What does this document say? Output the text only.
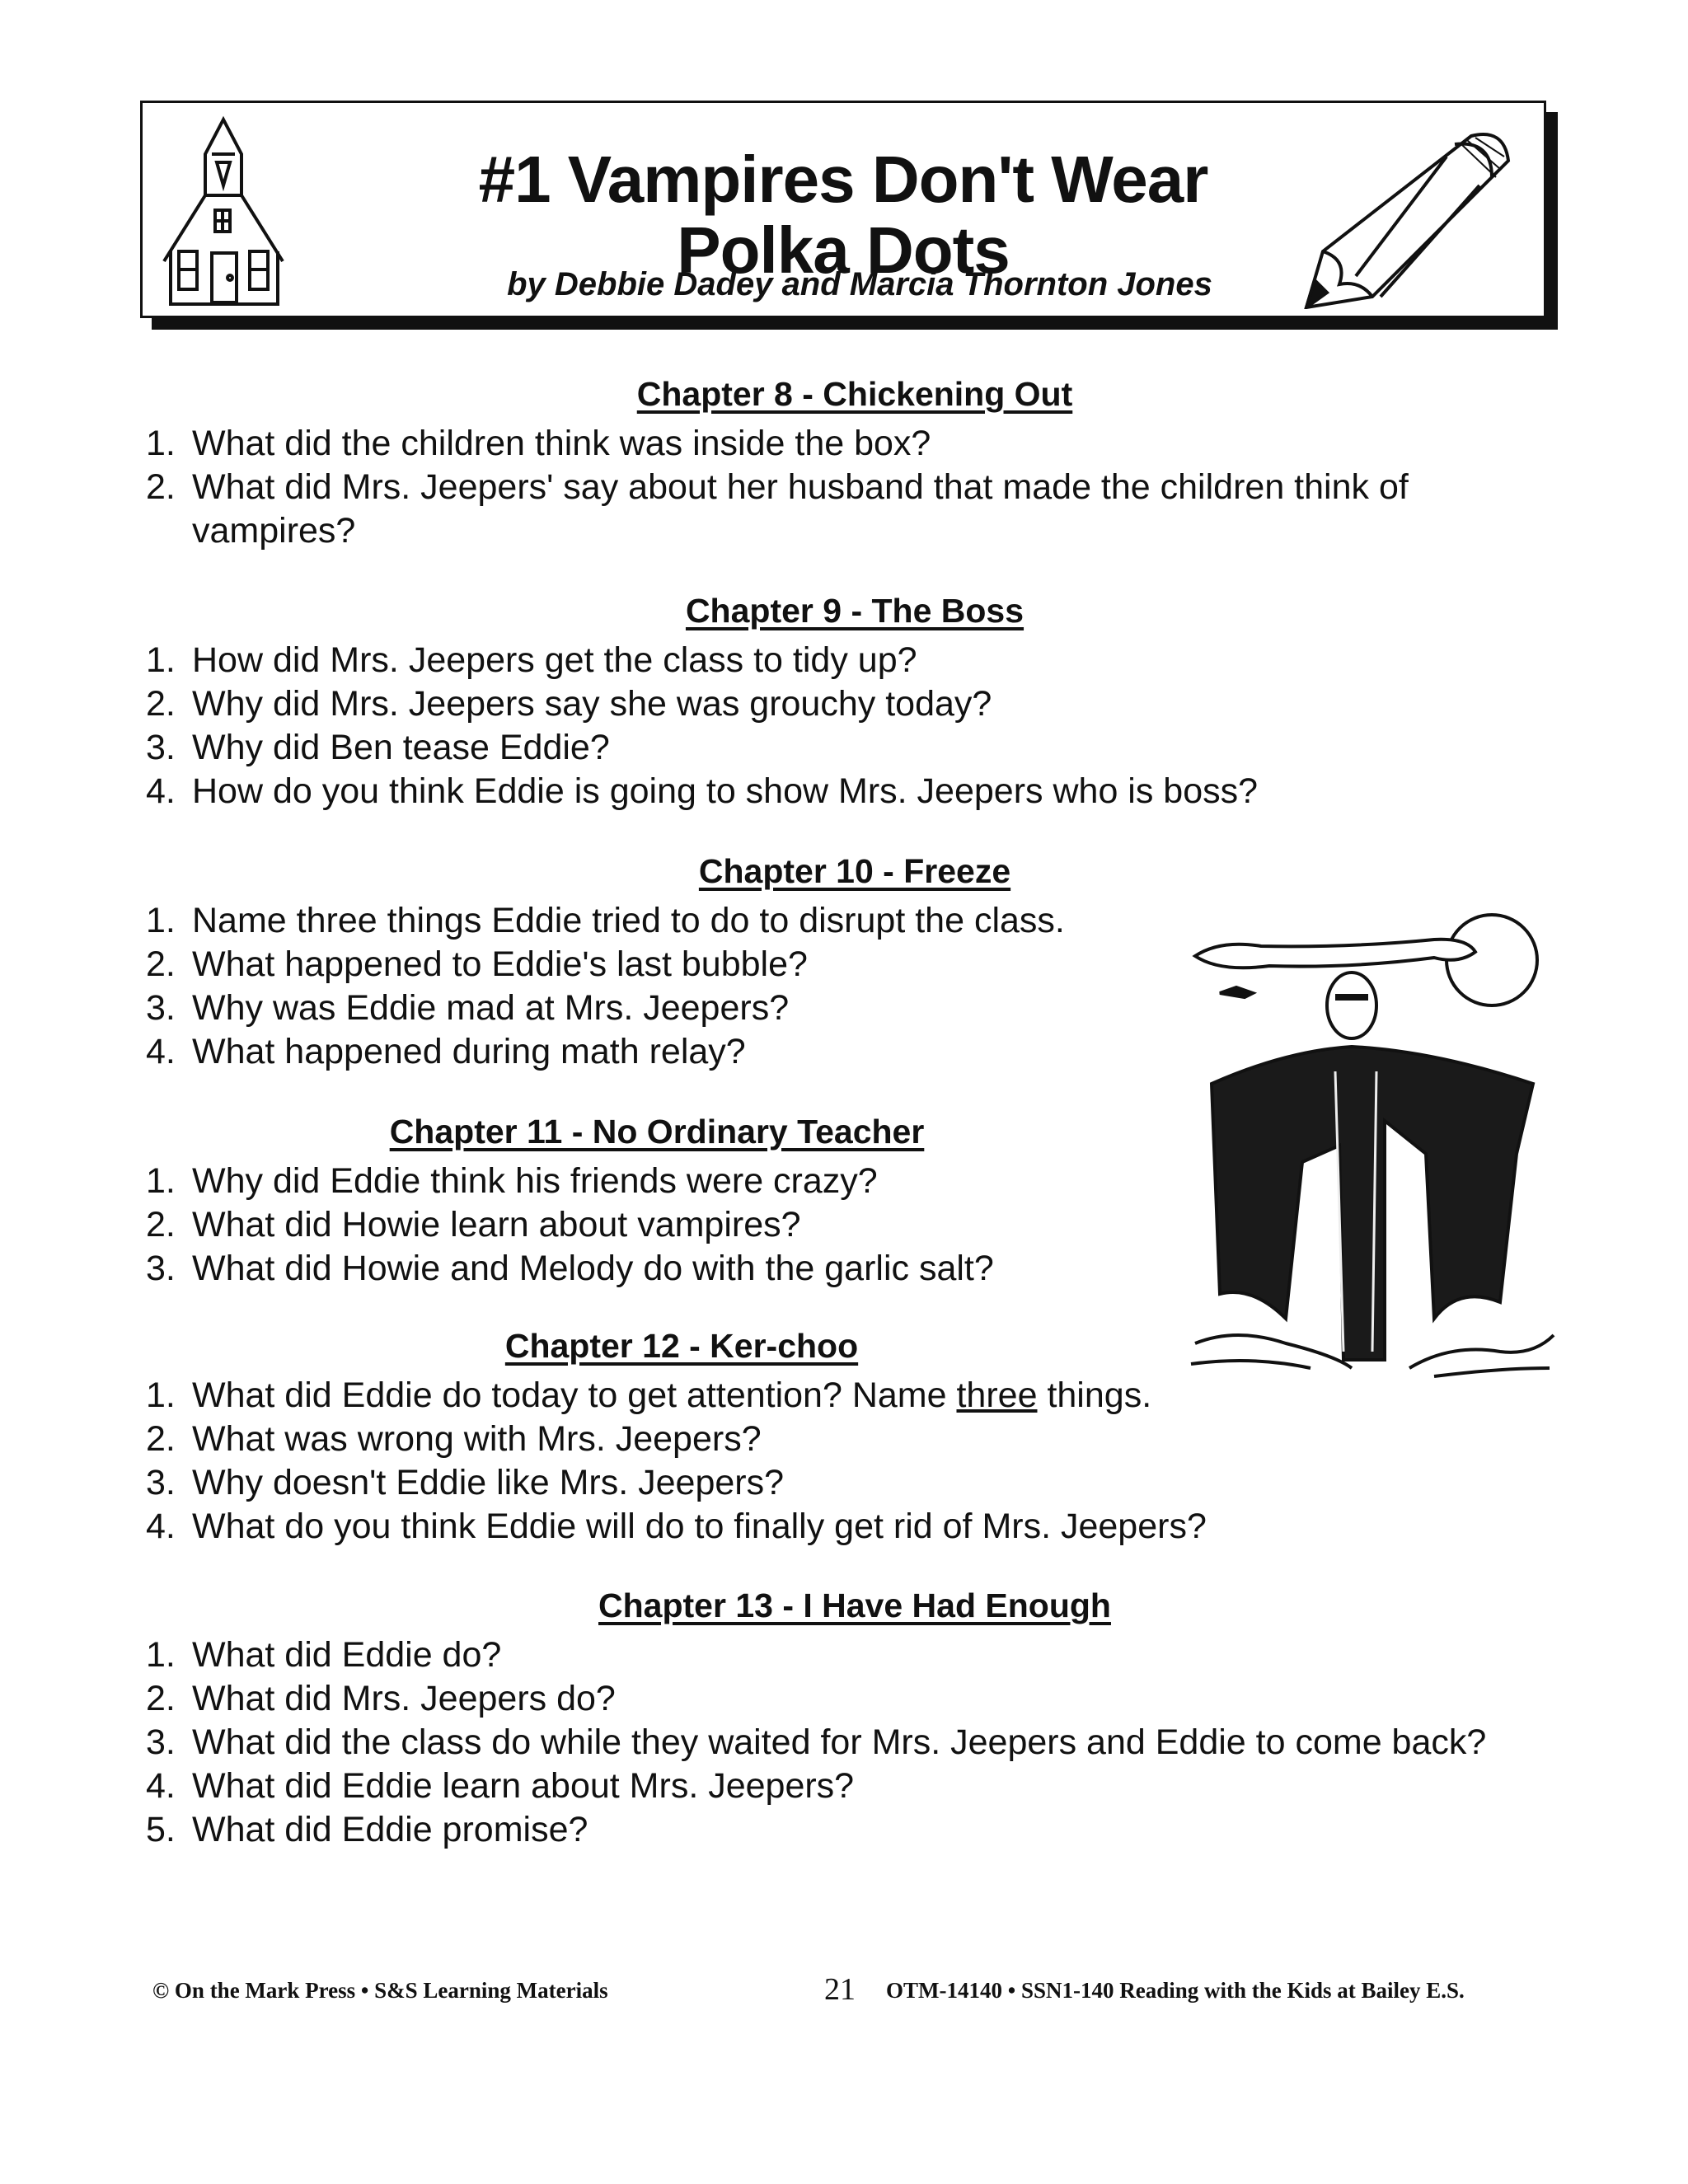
#1 Vampires Don't Wear
Polka Dots
by Debbie Dadey and Marcia Thornton Jones
Chapter 8 - Chickening Out
1. What did the children think was inside the box?
2. What did Mrs. Jeepers' say about her husband that made the children think of vampires?
Chapter 9 - The Boss
1. How did Mrs. Jeepers get the class to tidy up?
2. Why did Mrs. Jeepers say she was grouchy today?
3. Why did Ben tease Eddie?
4. How do you think Eddie is going to show Mrs. Jeepers who is boss?
Chapter 10 - Freeze
1. Name three things Eddie tried to do to disrupt the class.
2. What happened to Eddie's last bubble?
3. Why was Eddie mad at Mrs. Jeepers?
4. What happened during math relay?
Chapter 11 - No Ordinary Teacher
1. Why did Eddie think his friends were crazy?
2. What did Howie learn about vampires?
3. What did Howie and Melody do with the garlic salt?
Chapter 12 - Ker-choo
1. What did Eddie do today to get attention? Name three things.
2. What was wrong with Mrs. Jeepers?
3. Why doesn't Eddie like Mrs. Jeepers?
4. What do you think Eddie will do to finally get rid of Mrs. Jeepers?
Chapter 13 - I Have Had Enough
1. What did Eddie do?
2. What did Mrs. Jeepers do?
3. What did the class do while they waited for Mrs. Jeepers and Eddie to come back?
4. What did Eddie learn about Mrs. Jeepers?
5. What did Eddie promise?
© On the Mark Press • S&S Learning Materials	21 OTM-14140 • SSN1-140 Reading with the Kids at Bailey E.S.
